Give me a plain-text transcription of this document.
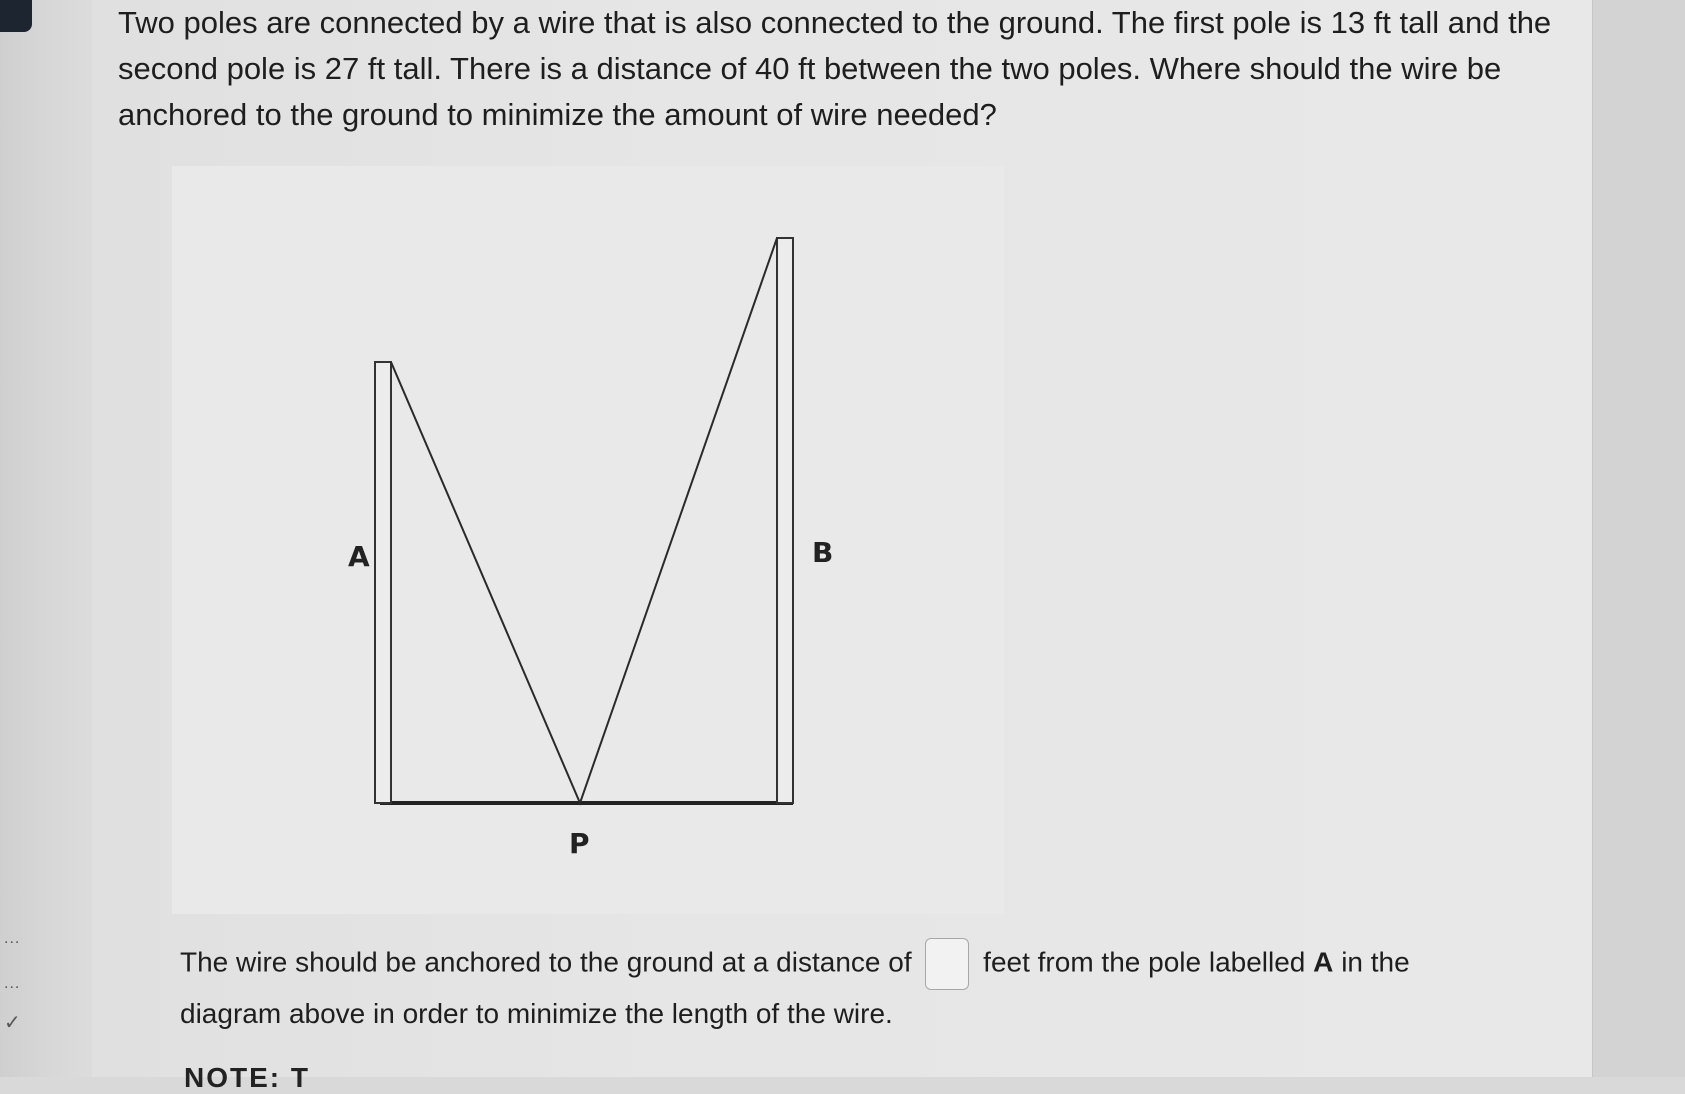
...
...
✓

Two poles are connected by a wire that is also connected to the ground. The first pole is 13 ft tall and the second pole is 27 ft tall. There is a distance of 40 ft between the two poles. Where should the wire be anchored to the ground to minimize the amount of wire needed?

A	B
P
The wire should be anchored to the ground at a distance of	feet from the pole labelled A in the diagram above in order to minimize the length of the wire.
NOTE: T
